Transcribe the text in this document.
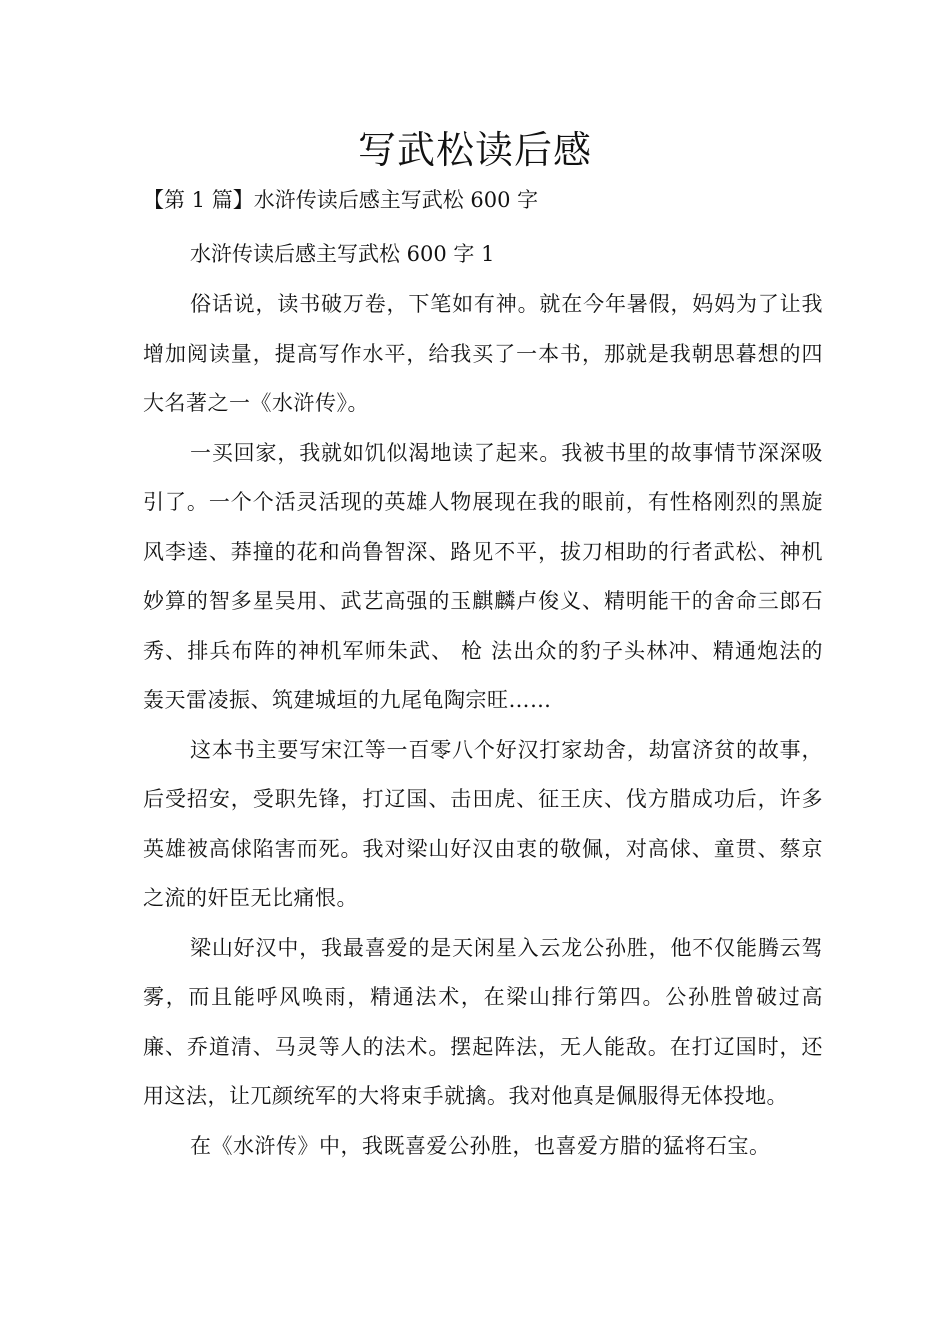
写武松读后感
【第 1 篇】水浒传读后感主写武松 600 字

水浒传读后感主写武松 600 字 1

俗话说，读书破万卷，下笔如有神。就在今年暑假，妈妈为了让我增加阅读量，提高写作水平，给我买了一本书，那就是我朝思暮想的四大名著之一《水浒传》。

一买回家，我就如饥似渴地读了起来。我被书里的故事情节深深吸引了。一个个活灵活现的英雄人物展现在我的眼前，有性格刚烈的黑旋风李逵、莽撞的花和尚鲁智深、路见不平，拔刀相助的行者武松、神机妙算的智多星吴用、武艺高强的玉麒麟卢俊义、精明能干的舍命三郎石秀、排兵布阵的神机军师朱武、 枪 法出众的豹子头林冲、精通炮法的轰天雷凌振、筑建城垣的九尾龟陶宗旺……

这本书主要写宋江等一百零八个好汉打家劫舍，劫富济贫的故事，后受招安，受职先锋，打辽国、击田虎、征王庆、伐方腊成功后，许多英雄被高俅陷害而死。我对梁山好汉由衷的敬佩，对高俅、童贯、蔡京之流的奸臣无比痛恨。

梁山好汉中，我最喜爱的是天闲星入云龙公孙胜，他不仅能腾云驾雾，而且能呼风唤雨，精通法术，在梁山排行第四。公孙胜曾破过高廉、乔道清、马灵等人的法术。摆起阵法，无人能敌。在打辽国时，还用这法，让兀颜统军的大将束手就擒。我对他真是佩服得无体投地。

在《水浒传》中，我既喜爱公孙胜，也喜爱方腊的猛将石宝。
